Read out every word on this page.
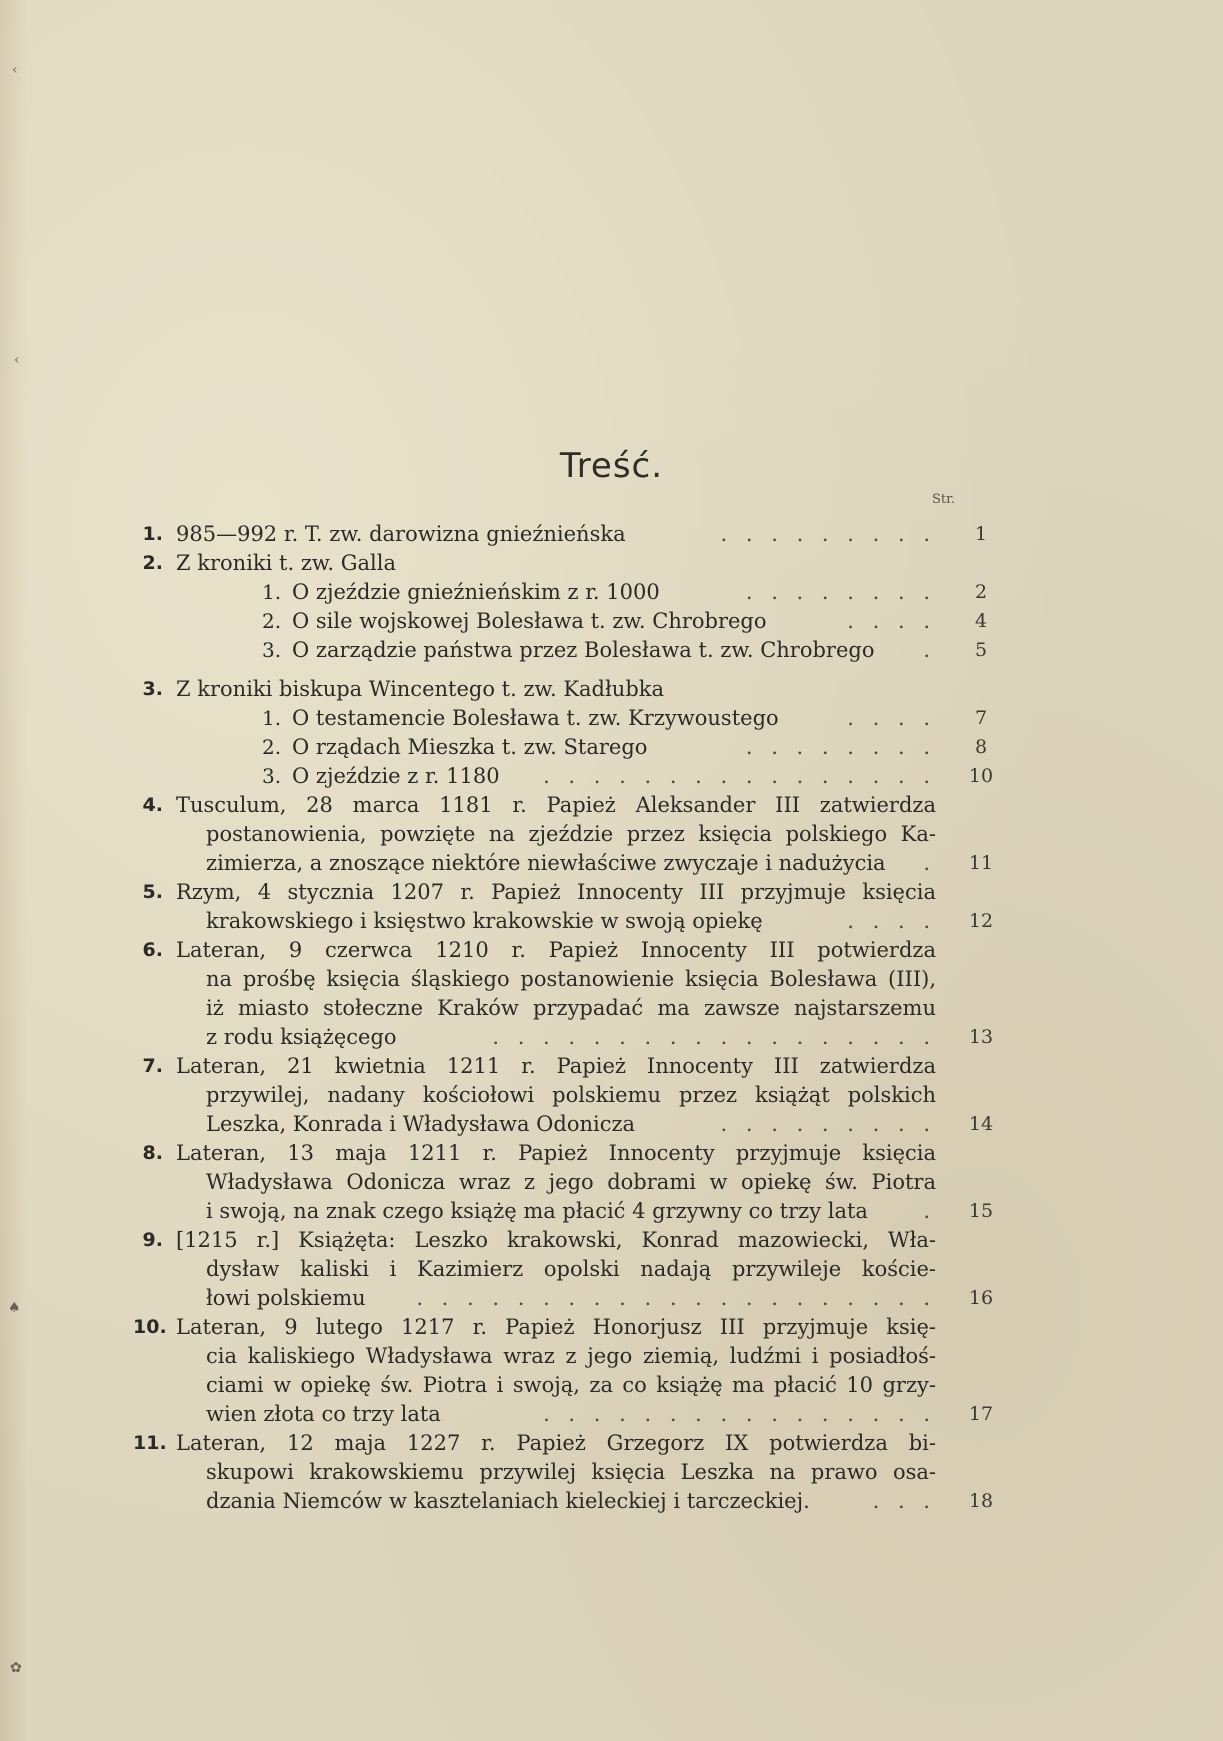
‹
‹
♠
✿
Treść.
Str.
1. 985—992 r. T. zw. darowizna gnieźnieńska	. . . . . . . . .	1
2. Z kroniki t. zw. Galla
1. O zjeździe gnieźnieńskim z r. 1000	. . . . . . . .	2
2. O sile wojskowej Bolesława t. zw. Chrobrego	. . . .	4
3. O zarządzie państwa przez Bolesława t. zw. Chrobrego .	5
3. Z kroniki biskupa Wincentego t. zw. Kadłubka
1. O testamencie Bolesława t. zw. Krzywoustego	. . . .	7
2. O rządach Mieszka t. zw. Starego	. . . . . . . .	8
3. O zjeździe z r. 1180 . . . . . . . . . . . . . . . . 10
4. Tusculum, 28 marca 1181 r. Papież Aleksander III zatwierdza
postanowienia, powzięte na zjeździe przez księcia polskiego Ka-
zimierza, a znoszące niektóre niewłaściwe zwyczaje i nadużycia . 11
5. Rzym, 4 stycznia 1207 r. Papież Innocenty III przyjmuje księcia
krakowskiego i księstwo krakowskie w swoją opiekę	. . . . 12
6. Lateran, 9 czerwca 1210 r. Papież Innocenty III potwierdza
na prośbę księcia śląskiego postanowienie księcia Bolesława (III),
iż miasto stołeczne Kraków przypadać ma zawsze najstarszemu
z rodu książęcego	. . . . . . . . . . . . . . . . . . 13
7. Lateran, 21 kwietnia 1211 r. Papież Innocenty III zatwierdza
przywilej, nadany kościołowi polskiemu przez książąt polskich
Leszka, Konrada i Władysława Odonicza	. . . . . . . . . 14
8. Lateran, 13 maja 1211 r. Papież Innocenty przyjmuje księcia
Władysława Odonicza wraz z jego dobrami w opiekę św. Piotra
i swoją, na znak czego książę ma płacić 4 grzywny co trzy lata	. 15
9. [1215 r.] Książęta: Leszko krakowski, Konrad mazowiecki, Wła-
dysław kaliski i Kazimierz opolski nadają przywileje koście-
łowi polskiemu . . . . . . . . . . . . . . . . . . . . . 16
10. Lateran, 9 lutego 1217 r. Papież Honorjusz III przyjmuje księ-
cia kaliskiego Władysława wraz z jego ziemią, ludźmi i posiadłoś-
ciami w opiekę św. Piotra i swoją, za co książę ma płacić 10 grzy-
wien złota co trzy lata	. . . . . . . . . . . . . . . . 17
11. Lateran, 12 maja 1227 r. Papież Grzegorz IX potwierdza bi-
skupowi krakowskiemu przywilej księcia Leszka na prawo osa-
dzania Niemców w kasztelaniach kieleckiej i tarczeckiej.	. . . 18
